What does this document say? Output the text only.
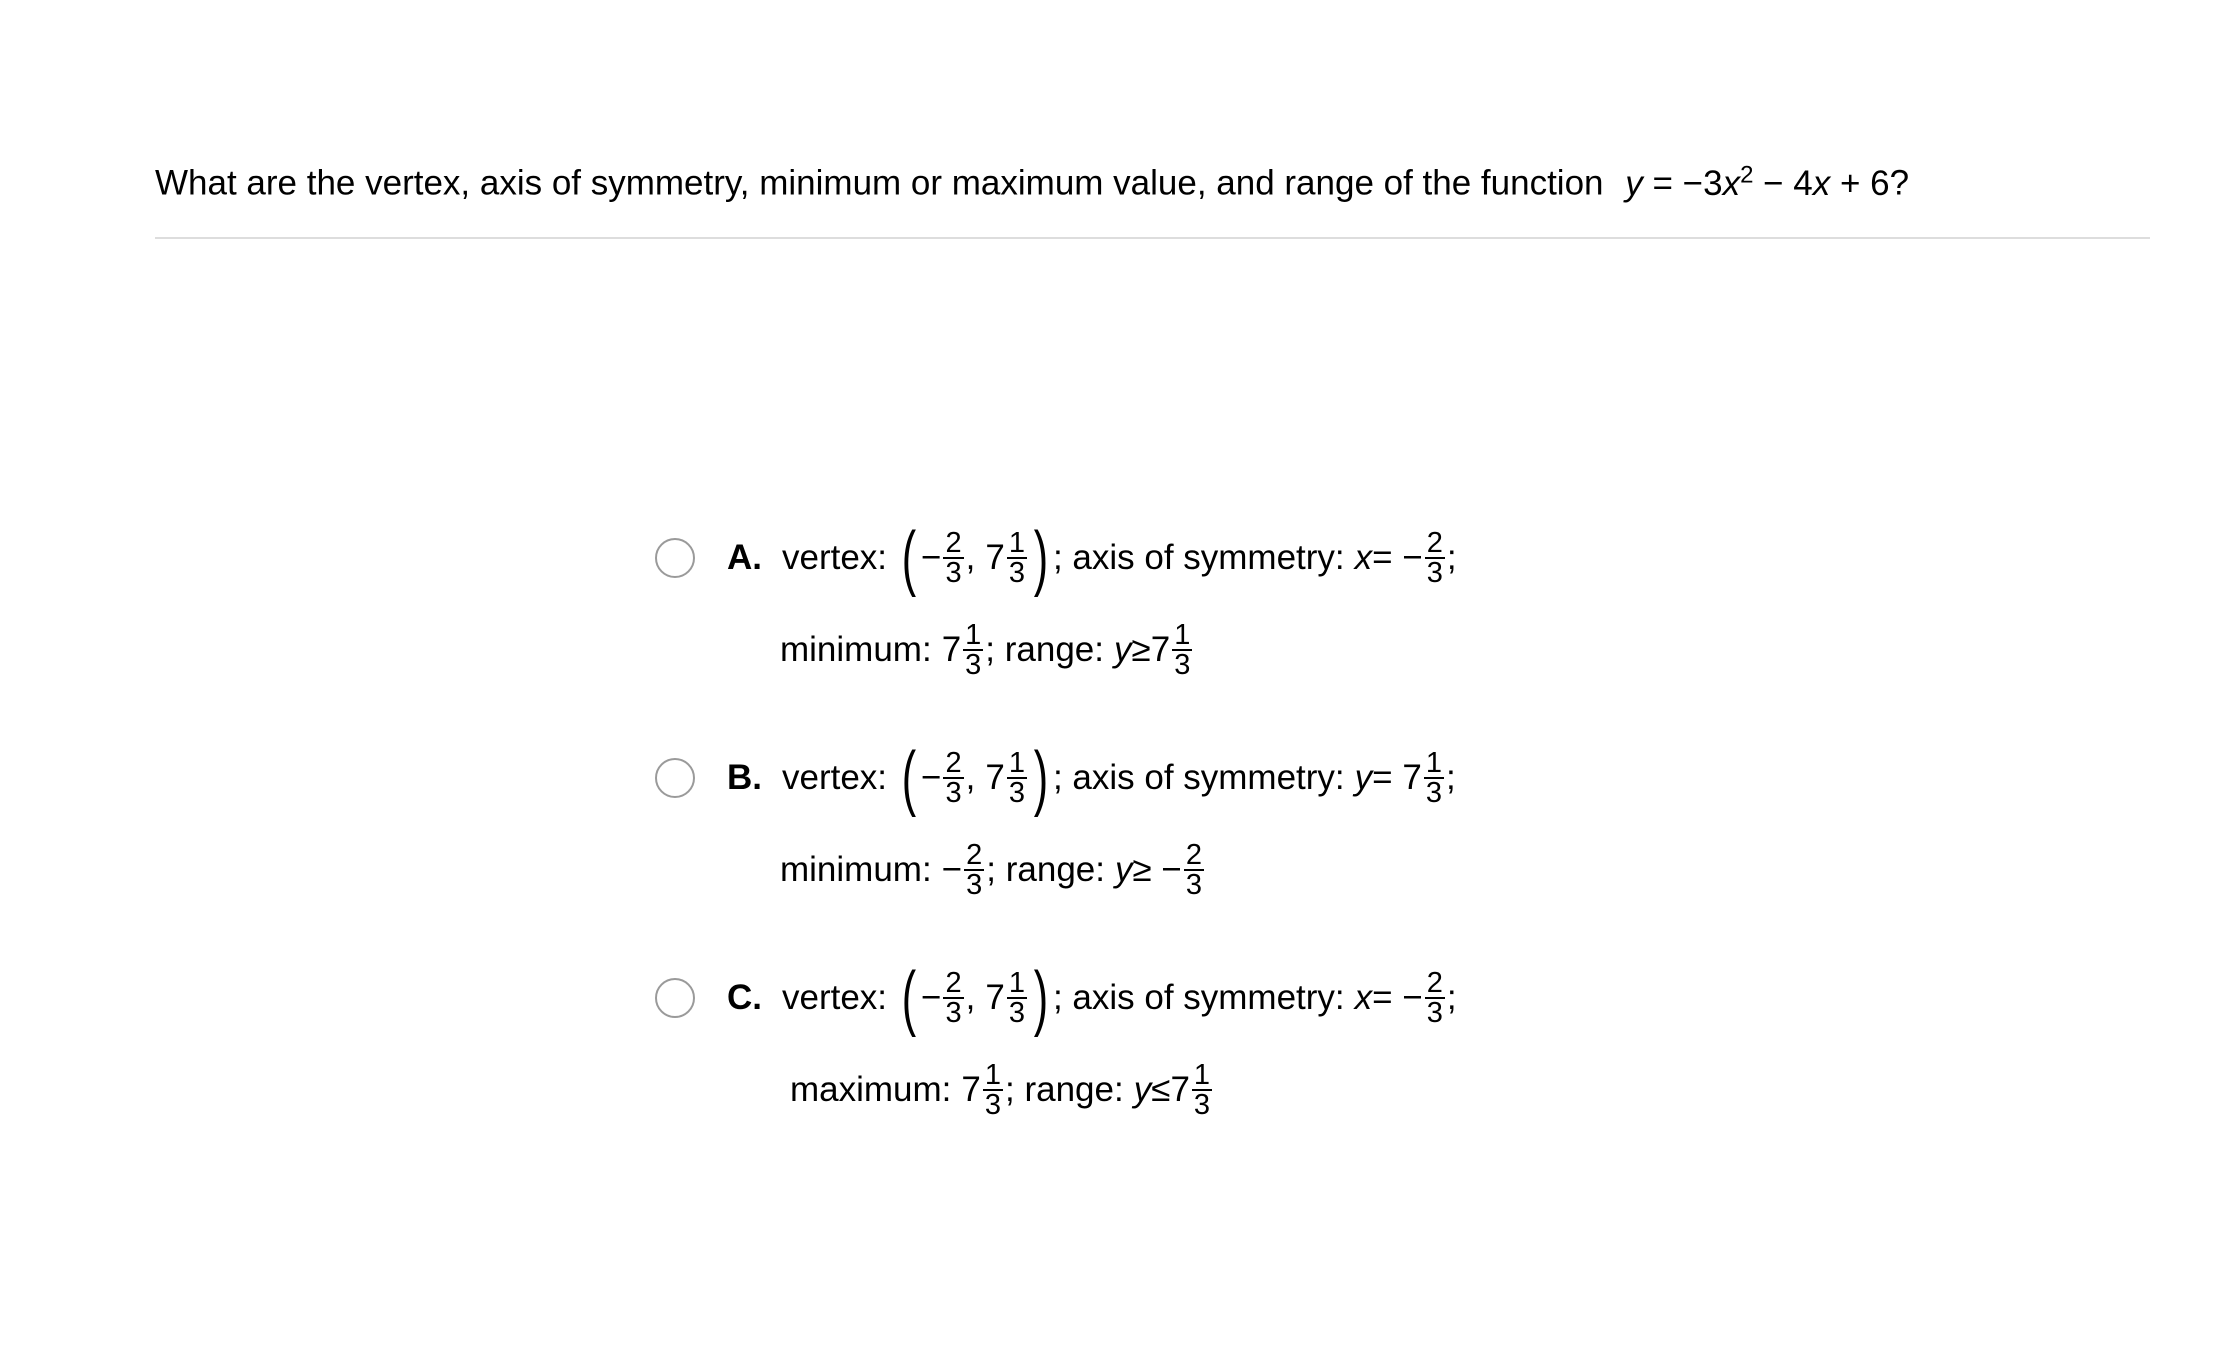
What are the vertex, axis of symmetry, minimum or maximum value, and range of the function $y = -3x^2 - 4x + 6$?
A. vertex: ( − $\frac{2}{3}$ , $7 \frac{1}{3}$ ) ; axis of symmetry: x = − $\frac{2}{3}$ ;
minimum: $7 \frac{1}{3}$ ; range: $y \ge 7 \frac{1}{3}$
B. vertex: ( − $\frac{2}{3}$ , $7 \frac{1}{3}$ ) ; axis of symmetry: $y = 7 \frac{1}{3}$ ;
minimum: − $\frac{2}{3}$ ; range: y ≥ − $\frac{2}{3}$
C. vertex: ( − $\frac{2}{3}$ , $7 \frac{1}{3}$ ) ; axis of symmetry: x = − $\frac{2}{3}$ ;
maximum: $7 \frac{1}{3}$ ; range: $y \le 7 \frac{1}{3}$
